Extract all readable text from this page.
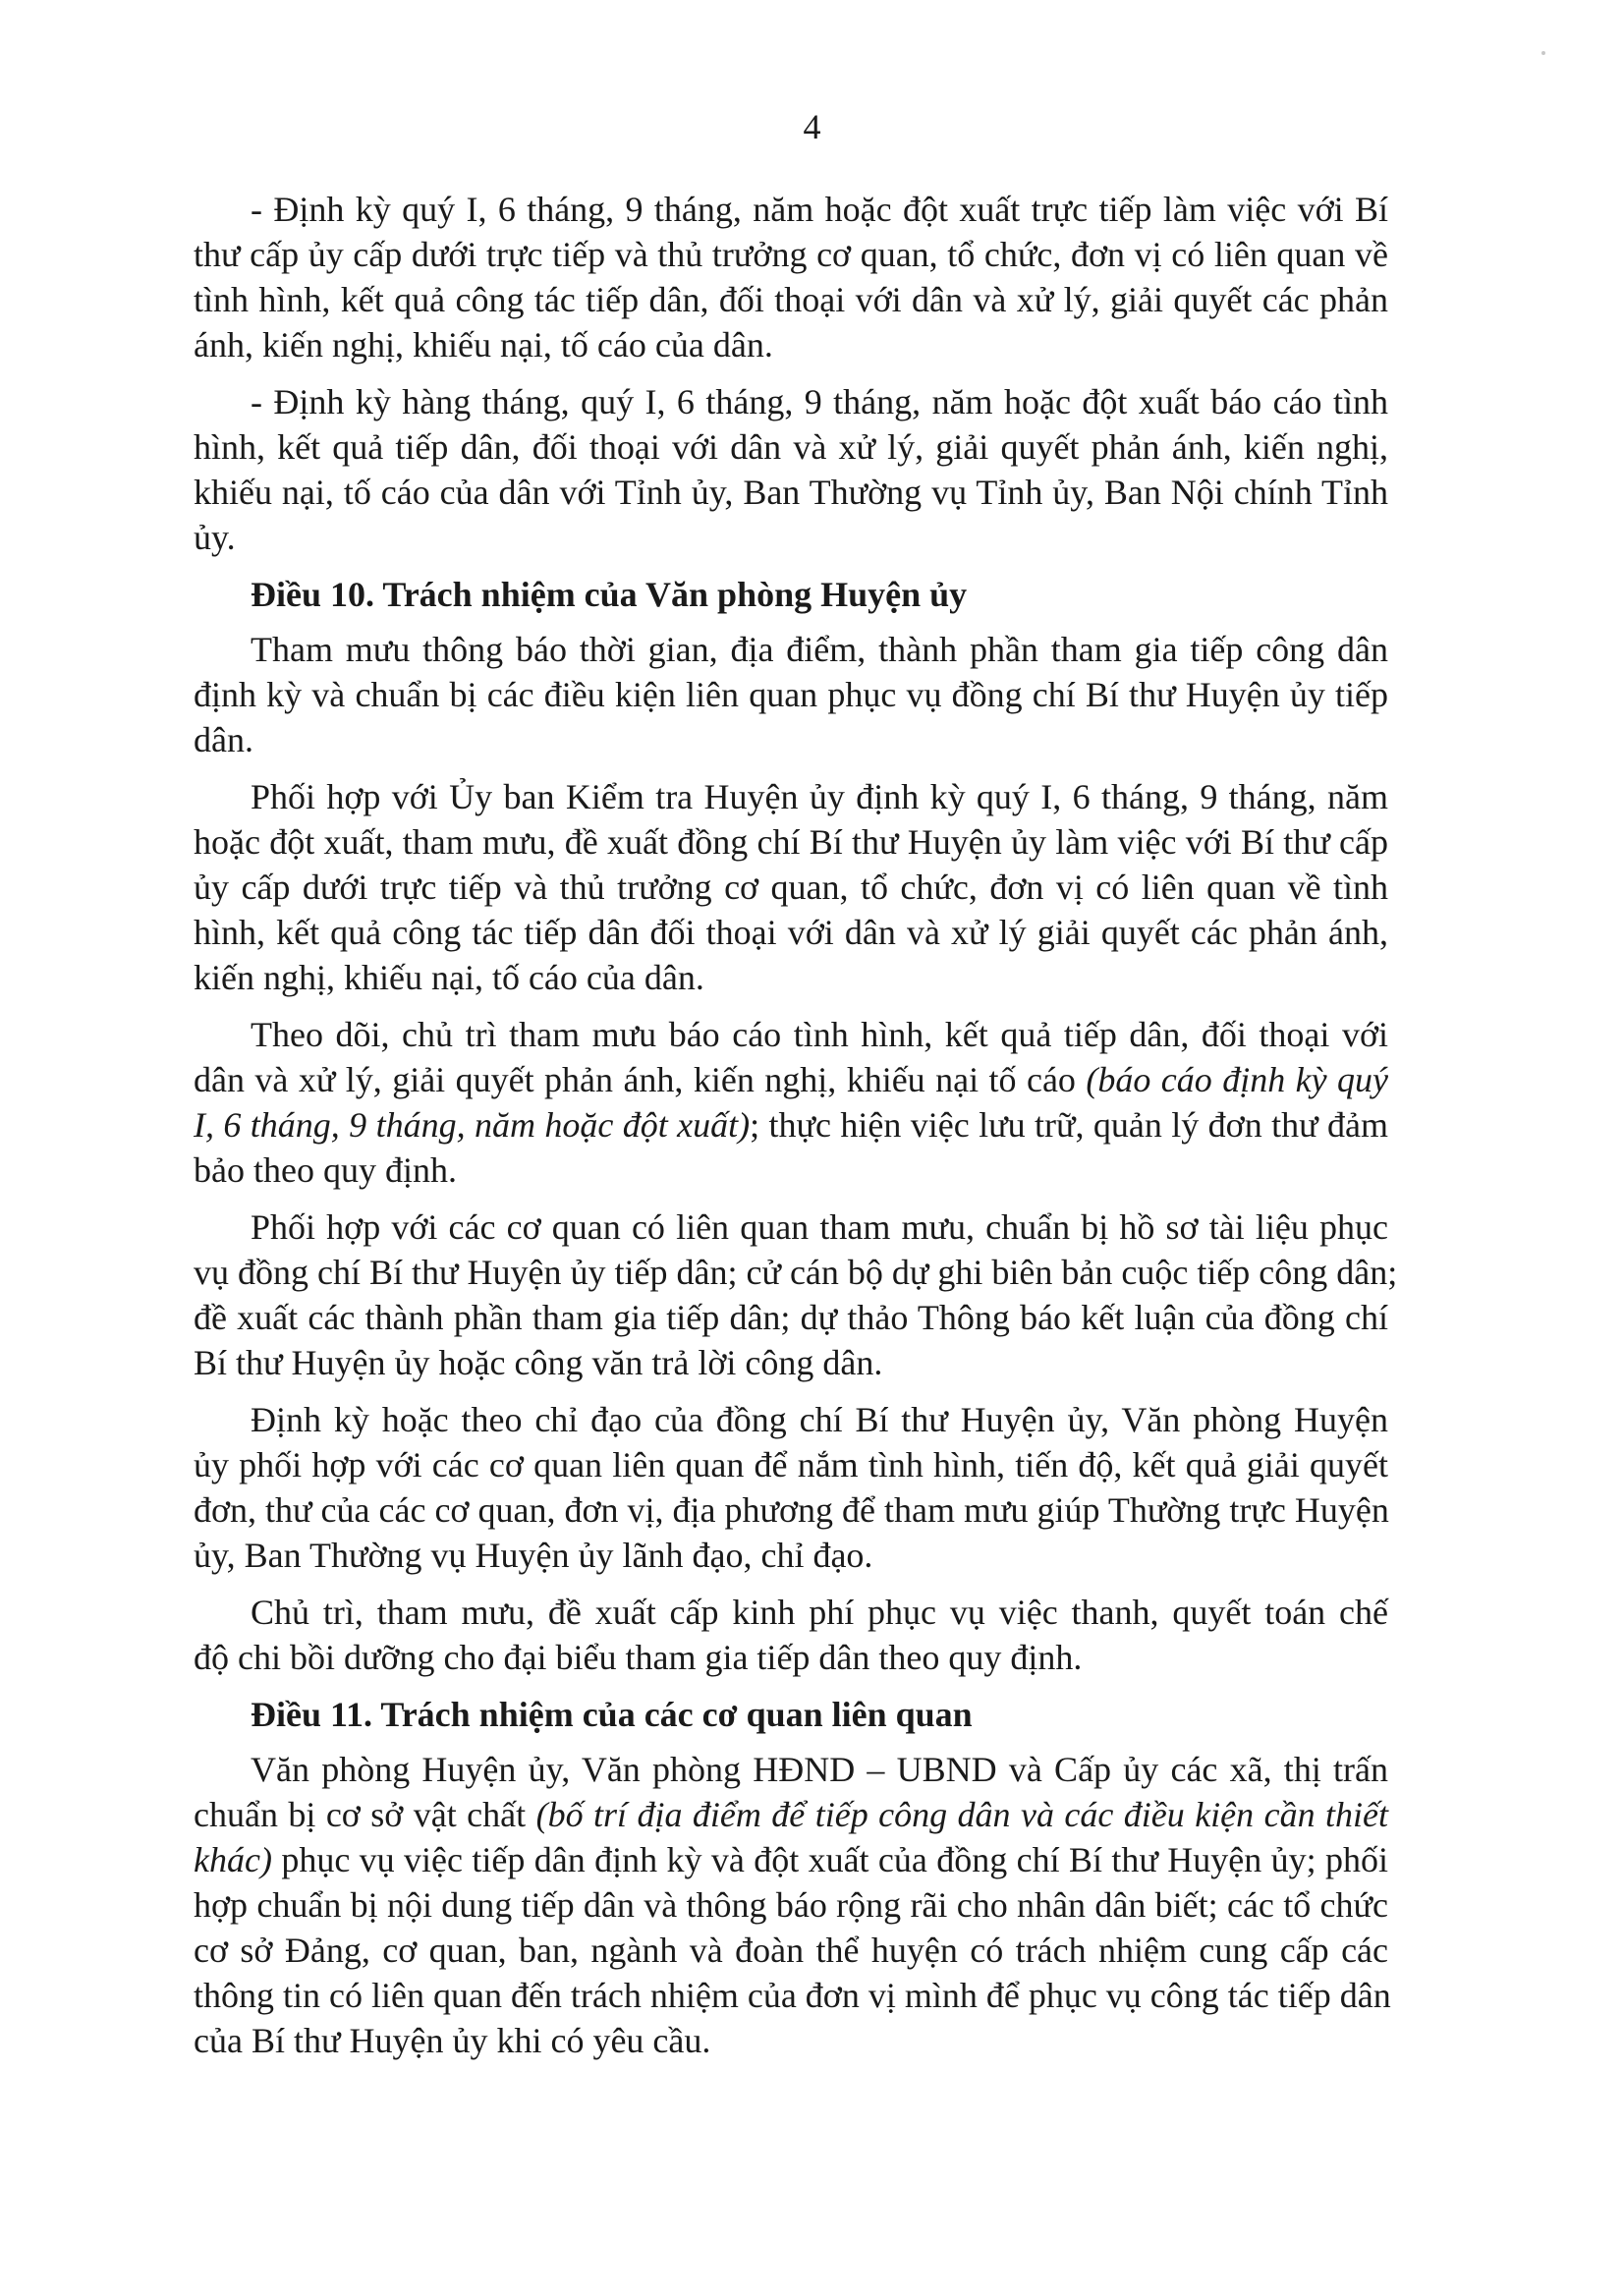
4
- Định kỳ quý I, 6 tháng, 9 tháng, năm hoặc đột xuất trực tiếp làm việc với Bí
thư cấp ủy cấp dưới trực tiếp và thủ trưởng cơ quan, tổ chức, đơn vị có liên quan về
tình hình, kết quả công tác tiếp dân, đối thoại với dân và xử lý, giải quyết các phản
ánh, kiến nghị, khiếu nại, tố cáo của dân.
- Định kỳ hàng tháng, quý I, 6 tháng, 9 tháng, năm hoặc đột xuất báo cáo tình
hình, kết quả tiếp dân, đối thoại với dân và xử lý, giải quyết phản ánh, kiến nghị,
khiếu nại, tố cáo của dân với Tỉnh ủy, Ban Thường vụ Tỉnh ủy, Ban Nội chính Tỉnh
ủy.
Điều 10. Trách nhiệm của Văn phòng Huyện ủy
Tham mưu thông báo thời gian, địa điểm, thành phần tham gia tiếp công dân
định kỳ và chuẩn bị các điều kiện liên quan phục vụ đồng chí Bí thư Huyện ủy tiếp
dân.
Phối hợp với Ủy ban Kiểm tra Huyện ủy định kỳ quý I, 6 tháng, 9 tháng, năm
hoặc đột xuất, tham mưu, đề xuất đồng chí Bí thư Huyện ủy làm việc với Bí thư cấp
ủy cấp dưới trực tiếp và thủ trưởng cơ quan, tổ chức, đơn vị có liên quan về tình
hình, kết quả công tác tiếp dân đối thoại với dân và xử lý giải quyết các phản ánh,
kiến nghị, khiếu nại, tố cáo của dân.
Theo dõi, chủ trì tham mưu báo cáo tình hình, kết quả tiếp dân, đối thoại với
dân và xử lý, giải quyết phản ánh, kiến nghị, khiếu nại tố cáo (báo cáo định kỳ quý
I, 6 tháng, 9 tháng, năm hoặc đột xuất); thực hiện việc lưu trữ, quản lý đơn thư đảm
bảo theo quy định.
Phối hợp với các cơ quan có liên quan tham mưu, chuẩn bị hồ sơ tài liệu phục
vụ đồng chí Bí thư Huyện ủy tiếp dân; cử cán bộ dự ghi biên bản cuộc tiếp công dân;
đề xuất các thành phần tham gia tiếp dân; dự thảo Thông báo kết luận của đồng chí
Bí thư Huyện ủy hoặc công văn trả lời công dân.
Định kỳ hoặc theo chỉ đạo của đồng chí Bí thư Huyện ủy, Văn phòng Huyện
ủy phối hợp với các cơ quan liên quan để nắm tình hình, tiến độ, kết quả giải quyết
đơn, thư của các cơ quan, đơn vị, địa phương để tham mưu giúp Thường trực Huyện
ủy, Ban Thường vụ Huyện ủy lãnh đạo, chỉ đạo.
Chủ trì, tham mưu, đề xuất cấp kinh phí phục vụ việc thanh, quyết toán chế
độ chi bồi dưỡng cho đại biểu tham gia tiếp dân theo quy định.
Điều 11. Trách nhiệm của các cơ quan liên quan
Văn phòng Huyện ủy, Văn phòng HĐND – UBND và Cấp ủy các xã, thị trấn
chuẩn bị cơ sở vật chất (bố trí địa điểm để tiếp công dân và các điều kiện cần thiết
khác) phục vụ việc tiếp dân định kỳ và đột xuất của đồng chí Bí thư Huyện ủy; phối
hợp chuẩn bị nội dung tiếp dân và thông báo rộng rãi cho nhân dân biết; các tổ chức
cơ sở Đảng, cơ quan, ban, ngành và đoàn thể huyện có trách nhiệm cung cấp các
thông tin có liên quan đến trách nhiệm của đơn vị mình để phục vụ công tác tiếp dân
của Bí thư Huyện ủy khi có yêu cầu.
